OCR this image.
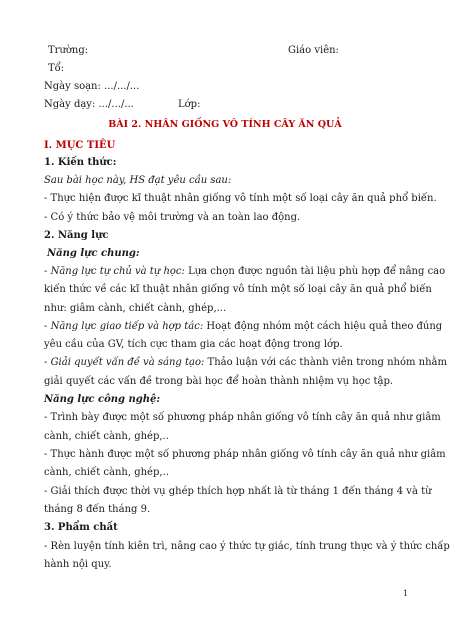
Trường:	Giáo viên:
Tổ:
Ngày soạn: .../.../...
Ngày dạy: .../.../...	Lớp:
BÀI 2. NHÂN GIỐNG VÔ TÍNH CÂY ĂN QUẢ
I. MỤC TIÊU
1. Kiến thức:
Sau bài học này, HS đạt yêu cầu sau:
- Thực hiện được kĩ thuật nhân giống vô tính một số loại cây ăn quả phổ biến.
- Có ý thức bảo vệ môi trường và an toàn lao động.
2. Năng lực
Năng lực chung:
- Năng lực tự chủ và tự học: Lựa chọn được nguồn tài liệu phù hợp để nâng cao
kiến thức về các kĩ thuật nhân giống vô tính một số loại cây ăn quả phổ biến
như: giâm cành, chiết cành, ghép,...
- Năng lực giao tiếp và hợp tác: Hoạt động nhóm một cách hiệu quả theo đúng
yêu cầu của GV, tích cực tham gia các hoạt động trong lớp.
- Giải quyết vấn đề và sáng tạo: Thảo luận với các thành viên trong nhóm nhằm
giải quyết các vấn đề trong bài học để hoàn thành nhiệm vụ học tập.
Năng lực công nghệ:
- Trình bày được một số phương pháp nhân giống vô tính cây ăn quả như giâm
cành, chiết cành, ghép,..
- Thực hành được một số phương pháp nhân giống vô tính cây ăn quả như giâm
cành, chiết cành, ghép,..
- Giải thích được thời vụ ghép thích hợp nhất là từ tháng 1 đến tháng 4 và từ
tháng 8 đến tháng 9.
3. Phẩm chất
- Rèn luyện tính kiên trì, nâng cao ý thức tự giác, tính trung thực và ý thức chấp
hành nội quy.
1
